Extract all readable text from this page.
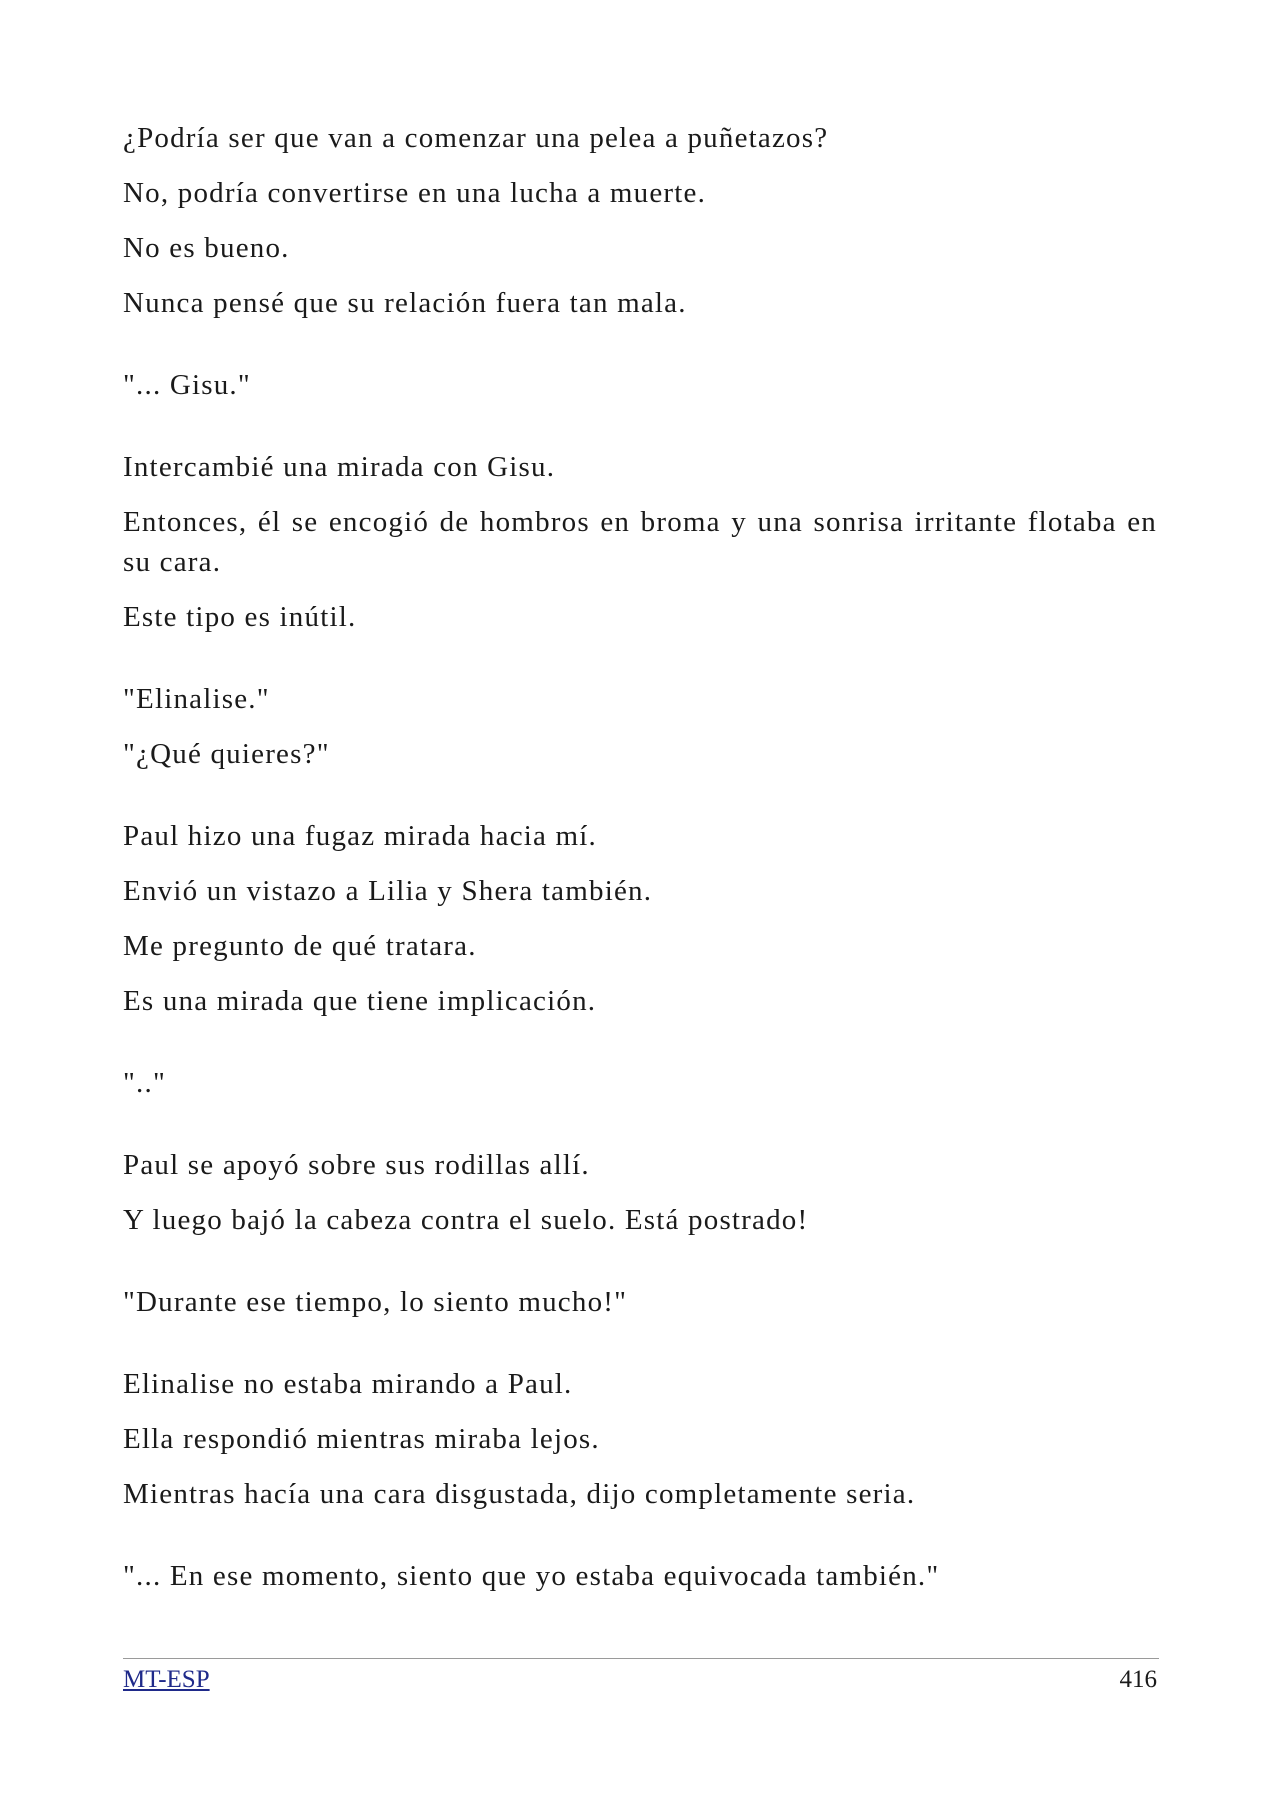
¿Podría ser que van a comenzar una pelea a puñetazos?

No, podría convertirse en una lucha a muerte.

No es bueno.

Nunca pensé que su relación fuera tan mala.

"... Gisu."

Intercambié una mirada con Gisu.

Entonces, él se encogió de hombros en broma y una sonrisa irritante flotaba en su cara.

Este tipo es inútil.

"Elinalise."

"¿Qué quieres?"

Paul hizo una fugaz mirada hacia mí.

Envió un vistazo a Lilia y Shera también.

Me pregunto de qué tratara.

Es una mirada que tiene implicación.

".."

Paul se apoyó sobre sus rodillas allí.

Y luego bajó la cabeza contra el suelo. Está postrado!

"Durante ese tiempo, lo siento mucho!"

Elinalise no estaba mirando a Paul.

Ella respondió mientras miraba lejos.

Mientras hacía una cara disgustada, dijo completamente seria.

"... En ese momento, siento que yo estaba equivocada también."

MT-ESP	416
